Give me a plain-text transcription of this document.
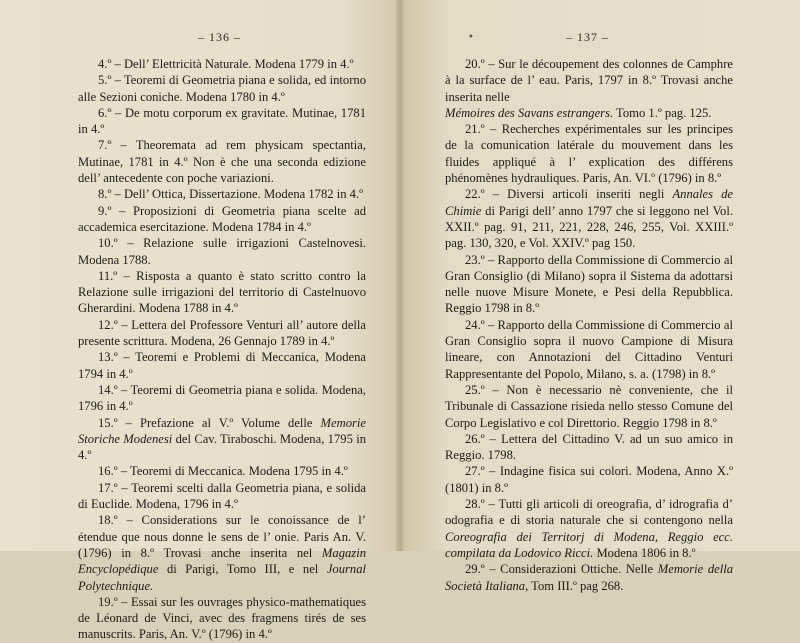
– 136 –

4.º – Dell’ Elettricità Naturale. Modena 1779 in 4.º

5.º – Teoremi di Geometria piana e solida, ed intorno alle Sezioni coniche. Modena 1780 in 4.º

6.º – De motu corporum ex gravitate. Mutinae, 1781 in 4.º

7.º – Theoremata ad rem physicam spectantia, Mutinae, 1781 in 4.º Non è che una seconda edizione dell’ antecedente con poche variazioni.

8.º – Dell’ Ottica, Dissertazione. Modena 1782 in 4.º

9.º – Proposizioni di Geometria piana scelte ad accademica esercitazione. Modena 1784 in 4.º

10.º – Relazione sulle irrigazioni Castelnovesi. Modena 1788.

11.º – Risposta a quanto è stato scritto contro la Relazione sulle irrigazioni del territorio di Castelnuovo Gherardini. Modena 1788 in 4.º

12.º – Lettera del Professore Venturi all’ autore della presente scrittura. Modena, 26 Gennajo 1789 in 4.º

13.º – Teoremi e Problemi di Meccanica, Modena 1794 in 4.º

14.º – Teoremi di Geometria piana e solida. Modena, 1796 in 4.º

15.º – Prefazione al V.º Volume delle Memorie Storiche Modenesi del Cav. Tiraboschi. Modena, 1795 in 4.º

16.º – Teoremi di Meccanica. Modena 1795 in 4.º

17.º – Teoremi scelti dalla Geometria piana, e solida di Euclide. Modena, 1796 in 4.º

18.º – Considerations sur le conoissance de l’ étendue que nous donne le sens de l’ onie. Paris An. V. (1796) in 8.º Trovasi anche inserita nel Magazin Encyclopédique di Parigi, Tomo III, e nel Journal Polytechnique.

19.º – Essai sur les ouvrages physico-mathematiques de Léonard de Vinci, avec des fragmens tirés de ses manuscrits. Paris, An. V.º (1796) in 4.º

•	– 137 –

20.º – Sur le découpement des colonnes de Camphre à la surface de l’ eau. Paris, 1797 in 8.º Trovasi anche inserita nelle

Mémoires des Savans estrangers. Tomo 1.º pag. 125.

21.º – Recherches expérimentales sur les principes de la comunication latérale du mouvement dans les fluides appliqué à l’ explication des différens phénomènes hydrauliques. Paris, An. VI.º (1796) in 8.º

22.º – Diversi articoli inseriti negli Annales de Chimie di Parigi dell’ anno 1797 che si leggono nel Vol. XXII.º pag. 91, 211, 221, 228, 246, 255, Vol. XXIII.º pag. 130, 320, e Vol. XXIV.º pag 150.

23.º – Rapporto della Commissione di Commercio al Gran Consiglio (di Milano) sopra il Sistema da adottarsi nelle nuove Misure Monete, e Pesi della Repubblica. Reggio 1798 in 8.º

24.º – Rapporto della Commissione di Commercio al Gran Consiglio sopra il nuovo Campione di Misura lineare, con Annotazioni del Cittadino Venturi Rappresentante del Popolo, Milano, s. a. (1798) in 8.º

25.º – Non è necessario nè conveniente, che il Tribunale di Cassazione risieda nello stesso Comune del Corpo Legislativo e col Direttorio. Reggio 1798 in 8.º

26.º – Lettera del Cittadino V. ad un suo amico in Reggio. 1798.

27.º – Indagine fisica sui colori. Modena, Anno X.º (1801) in 8.º

28.º – Tutti gli articoli di oreografia, d’ idrografia d’ odografia e di storia naturale che si contengono nella Coreografia dei Territorj di Modena, Reggio ecc. compilata da Lodovico Ricci. Modena 1806 in 8.º

29.º – Considerazioni Ottiche. Nelle Memorie della Società Italiana, Tom III.º pag 268.
